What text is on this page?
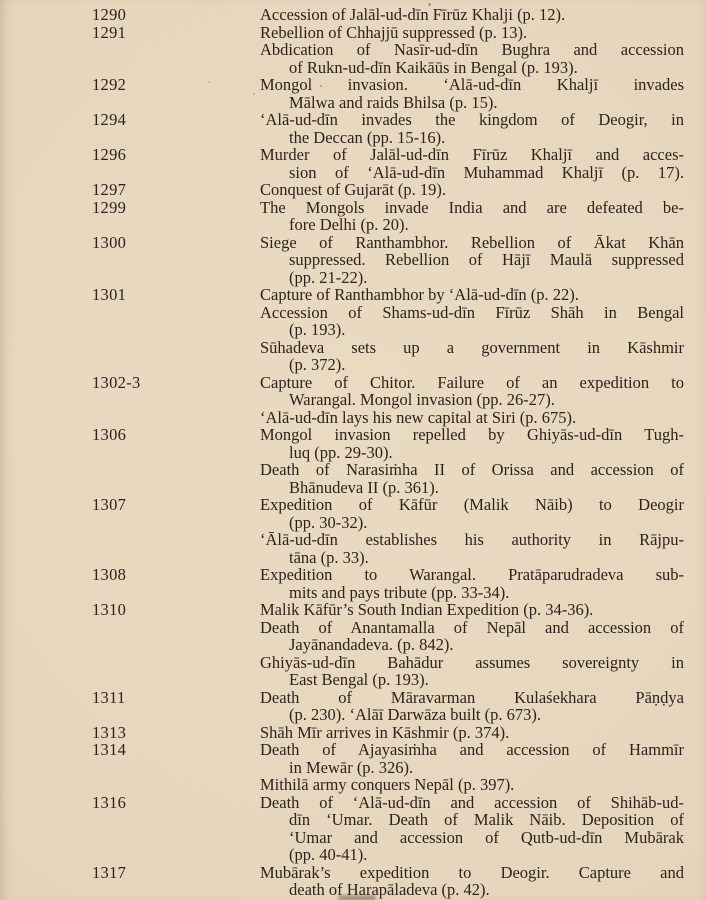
1290	Accession of Jalāl-ud-dīn Fīrūz Khalji (p. 12).
1291	Rebellion of Chhajjū suppressed (p. 13).
Abdication of Nasīr-ud-dīn Bughra and accession
of Rukn-ud-dīn Kaikāūs in Bengal (p. 193).
1292	Mongol invasion. ‘Alā-ud-dīn Khaljī invades
Mālwa and raids Bhilsa (p. 15).
1294	‘Alā-ud-dīn invades the kingdom of Deogir, in
the Deccan (pp. 15-16).
1296	Murder of Jalāl-ud-dīn Fīrūz Khaljī and acces-
sion of ‘Alā-ud-dīn Muhammad Khaljī (p. 17).
1297	Conquest of Gujarāt (p. 19).
1299	The Mongols invade India and are defeated be-
fore Delhi (p. 20).
1300	Siege of Ranthambhor. Rebellion of Ākat Khān
suppressed. Rebellion of Hājī Maulā suppressed
(pp. 21-22).
1301	Capture of Ranthambhor by ‘Alā-ud-dīn (p. 22).
Accession of Shams-ud-dīn Fīrūz Shāh in Bengal
(p. 193).
Sūhadeva sets up a government in Kāshmir
(p. 372).
1302-3	Capture of Chitor. Failure of an expedition to
Warangal. Mongol invasion (pp. 26-27).
‘Alā-ud-dīn lays his new capital at Siri (p. 675).
1306	Mongol invasion repelled by Ghiyās-ud-dīn Tugh-
luq (pp. 29-30).
Death of Narasiṁha II of Orissa and accession of
Bhānudeva II (p. 361).
1307	Expedition of Kāfūr (Malik Nāib) to Deogir
(pp. 30-32).
‘Ālā-ud-dīn establishes his authority in Rājpu-
tāna (p. 33).
1308	Expedition to Warangal. Pratāparudradeva sub-
mits and pays tribute (pp. 33-34).
1310	Malik Kāfūr’s South Indian Expedition (p. 34-36).
Death of Anantamalla of Nepāl and accession of
Jayānandadeva. (p. 842).
Ghiyās-ud-dīn Bahādur assumes sovereignty in
East Bengal (p. 193).
1311	Death of Māravarman Kulaśekhara Pāṇḍya
(p. 230). ‘Alāī Darwāza built (p. 673).
1313	Shāh Mīr arrives in Kāshmir (p. 374).
1314	Death of Ajayasiṁha and accession of Hammīr
in Mewār (p. 326).
Mithilā army conquers Nepāl (p. 397).
1316	Death of ‘Alā-ud-dīn and accession of Shihāb-ud-
dīn ‘Umar. Death of Malik Nāib. Deposition of
‘Umar and accession of Qutb-ud-dīn Mubārak
(pp. 40-41).
1317	Mubārak’s expedition to Deogir. Capture and
death of Harapāladeva (p. 42).
